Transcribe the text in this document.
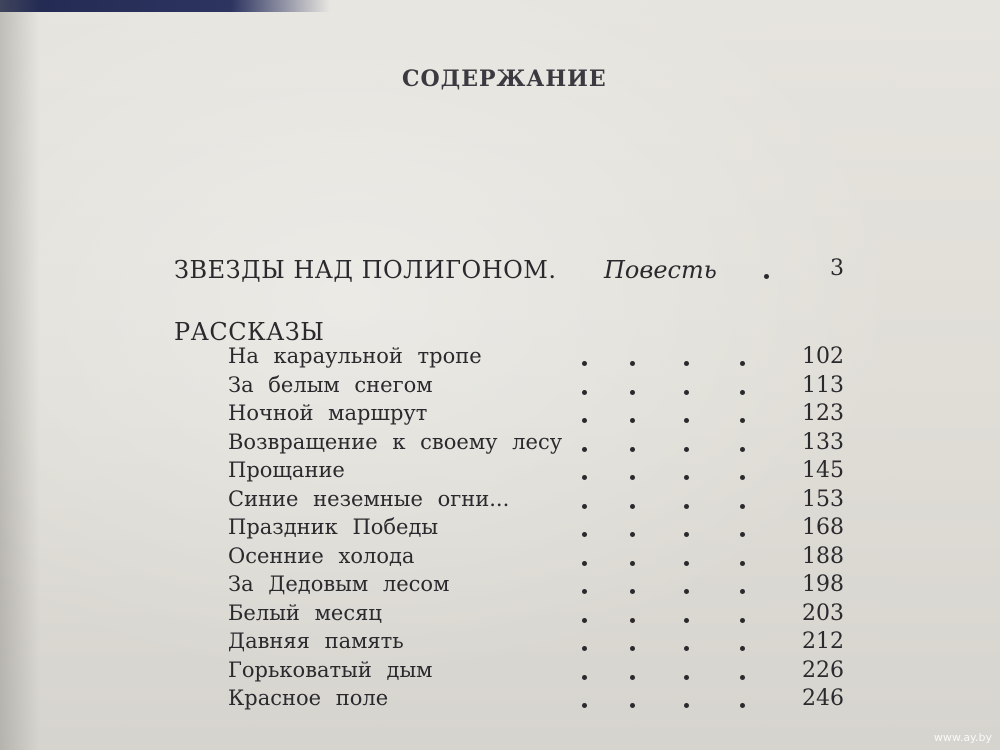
СОДЕРЖАНИЕ
ЗВЕЗДЫ НАД ПОЛИГОНОМ. Повесть	3
РАССКАЗЫ
На караульной тропе	102
За белым снегом	113
Ночной маршрут	123
Возвращение к своему лесу	133
Прощание	145
Синие неземные огни...	153
Праздник Победы	168
Осенние холода	188
За Дедовым лесом	198
Белый месяц	203
Давняя память	212
Горьковатый дым	226
Красное поле	246
www.ay.by
